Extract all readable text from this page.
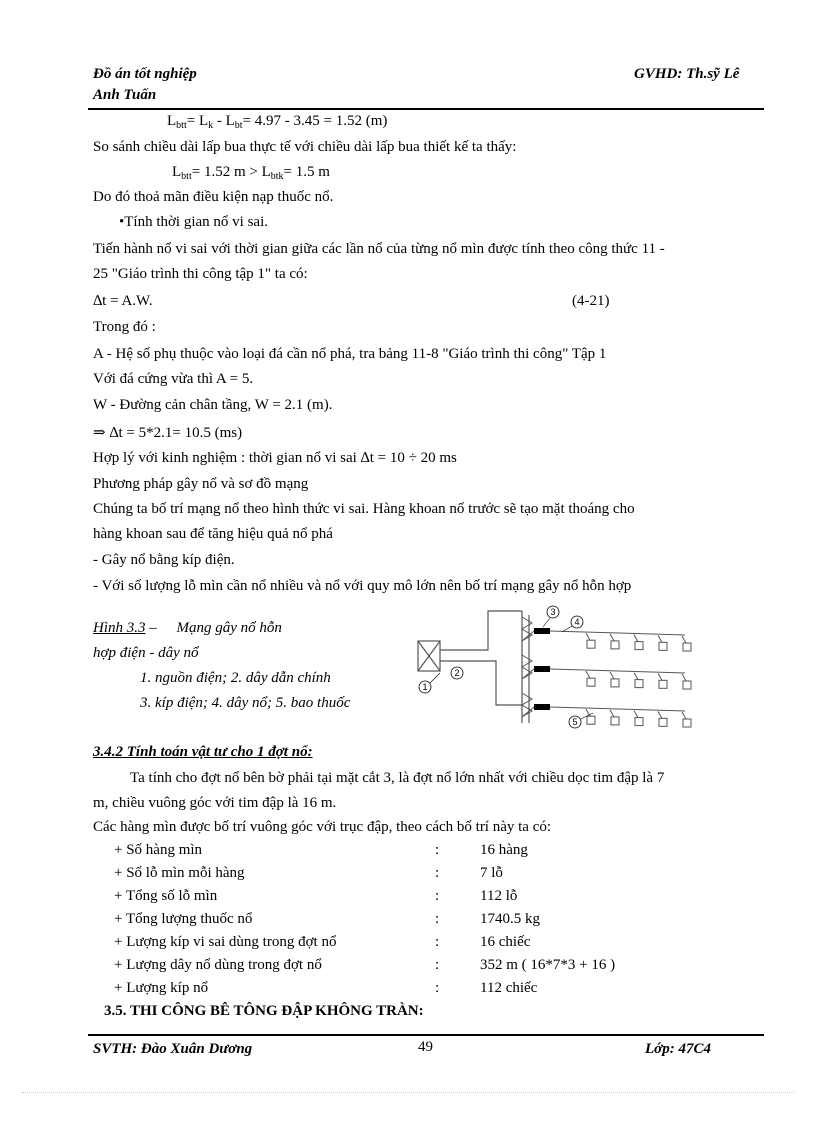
Đồ án tốt nghiệp
Anh Tuấn
GVHD: Th.sỹ Lê
$L_{btt}= L_k - L_{bt}= 4.97 - 3.45 = 1.52$ (m)
So sánh chiều dài lấp bua thực tế với chiều dài lấp bua thiết kế ta thấy:
$L_{btt}= 1.52$ $m > L_{btk}= 1.5$ m
Do đó thoả mãn điều kiện nạp thuốc nổ.
•Tính thời gian nổ vi sai.
Tiến hành nổ vi sai với thời gian giữa các lần nổ của từng nổ mìn được tính theo công thức 11 -
25 "Giáo trình thi công tập 1" ta có:
∆t = A.W.	(4-21)
Trong đó :
A - Hệ số phụ thuộc vào loại đá cần nổ phá, tra bảng 11-8 "Giáo trình thi công" Tập 1
Với đá cứng vừa thì A = 5.
W - Đường cản chân tầng, W = 2.1 (m).
⇒ ∆t = 5*2.1= 10.5 (ms)
Hợp lý với kinh nghiệm : thời gian nổ vi sai ∆t = 10 ÷ 20 ms
Phương pháp gây nổ và sơ đồ mạng
Chúng ta bố trí mạng nổ theo hình thức vi sai. Hàng khoan nổ trước sẽ tạo mặt thoáng cho
hàng khoan sau để tăng hiệu quả nổ phá
- Gây nổ bằng kíp điện.
- Với số lượng lỗ mìn cần nổ nhiều và nổ với quy mô lớn nên bố trí mạng gây nổ hỗn hợp
Hình 3.3 – Mạng gây nổ hỗn
hợp điện - dây nổ
1. nguồn điện; 2. dây dẫn chính
3. kíp điện; 4. dây nổ; 5. bao thuốc
1
2
3
4
5
3.4.2 Tính toán vật tư cho 1 đợt nổ:
Ta tính cho đợt nổ bên bờ phải tại mặt cắt 3, là đợt nổ lớn nhất với chiều dọc tim đập là 7
m, chiều vuông góc với tim đập là 16 m.
Các hàng mìn được bố trí vuông góc với trục đập, theo cách bố trí này ta có:
+ Số hàng mìn	:	16 hàng
+ Số lỗ mìn mỗi hàng	:	7 lỗ
+ Tổng số lỗ mìn	:	112 lỗ
+ Tổng lượng thuốc nổ	:	1740.5 kg
+ Lượng kíp vi sai dùng trong đợt nổ	:	16 chiếc
+ Lượng dây nổ dùng trong đợt nổ	:	352 m ( 16*7*3 + 16 )
+ Lượng kíp nổ	:	112 chiếc
3.5. THI CÔNG BÊ TÔNG ĐẬP KHÔNG TRÀN:
SVTH: Đào Xuân Dương	49	Lớp: 47C4
